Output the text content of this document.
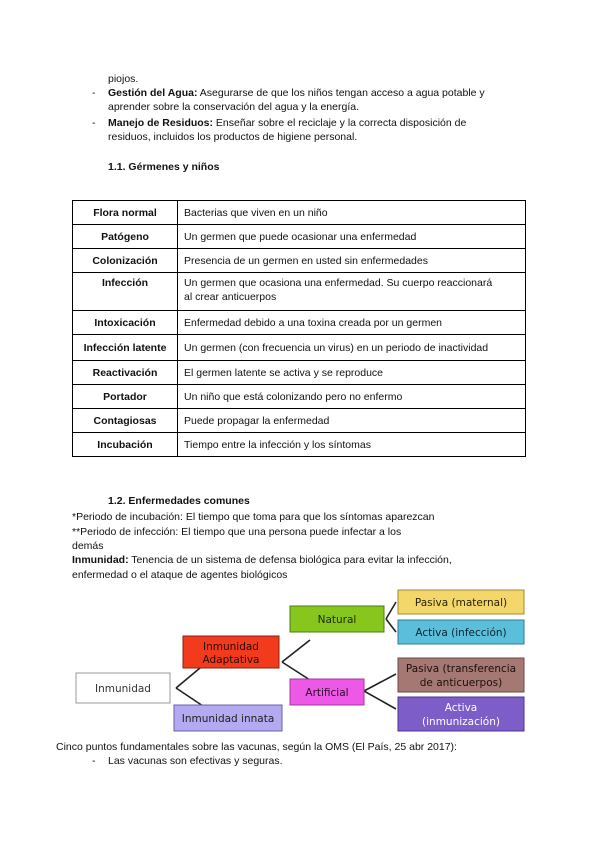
piojos.
- Gestión del Agua: Asegurarse de que los niños tengan acceso a agua potable y
aprender sobre la conservación del agua y la energía.
- Manejo de Residuos: Enseñar sobre el reciclaje y la correcta disposición de
residuos, incluidos los productos de higiene personal.
1.1. Gérmenes y niños
Flora normal	Bacterias que viven en un niño

Patógeno	Un germen que puede ocasionar una enfermedad

Colonización	Presencia de un germen en usted sin enfermedades

Infección	Un germen que ocasiona una enfermedad. Su cuerpo reaccionará
al crear anticuerpos

Intoxicación	Enfermedad debido a una toxina creada por un germen

Infección latente	Un germen (con frecuencia un virus) en un periodo de inactividad

Reactivación	El germen latente se activa y se reproduce

Portador	Un niño que está colonizando pero no enfermo

Contagiosas	Puede propagar la enfermedad

Incubación	Tiempo entre la infección y los síntomas
1.2. Enfermedades comunes
*Periodo de incubación: El tiempo que toma para que los síntomas aparezcan
**Periodo de infección: El tiempo que una persona puede infectar a los
demás
Inmunidad: Tenencia de un sistema de defensa biológica para evitar la infección,
enfermedad o el ataque de agentes biológicos
Inmunidad
Inmunidad
Adaptativa
Inmunidad innata
Natural
Artificial
Pasiva (maternal)
Activa (infección)
Pasiva (transferencia
de anticuerpos)
Activa
(inmunización)
Cinco puntos fundamentales sobre las vacunas, según la OMS (El País, 25 abr 2017):
- Las vacunas son efectivas y seguras.
